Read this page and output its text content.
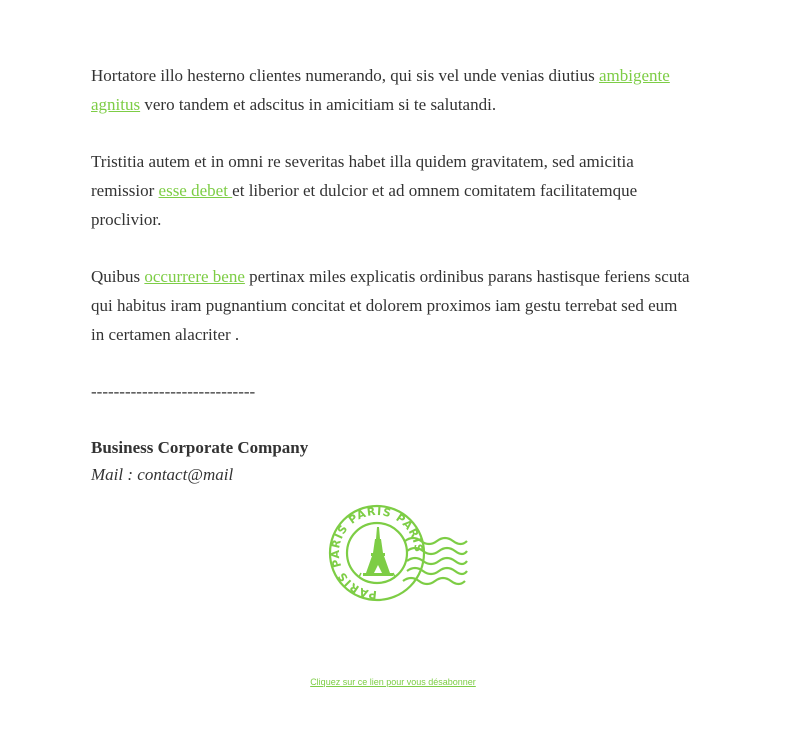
Hortatore illo hesterno clientes numerando, qui sis vel unde venias diutius ambigente agnitus vero tandem et adscitus in amicitiam si te salutandi.

Tristitia autem et in omni re severitas habet illa quidem gravitatem, sed amicitia remissior esse debet et liberior et dulcior et ad omnem comitatem facilitatemque proclivior.

Quibus occurrere bene pertinax miles explicatis ordinibus parans hastisque feriens scuta qui habitus iram pugnantium concitat et dolorem proximos iam gestu terrebat sed eum in certamen alacriter .

-----------------------------
Business Corporate Company
Mail : contact@mail
PARIS PARIS PARIS PARIS
Cliquez sur ce lien pour vous désabonner
